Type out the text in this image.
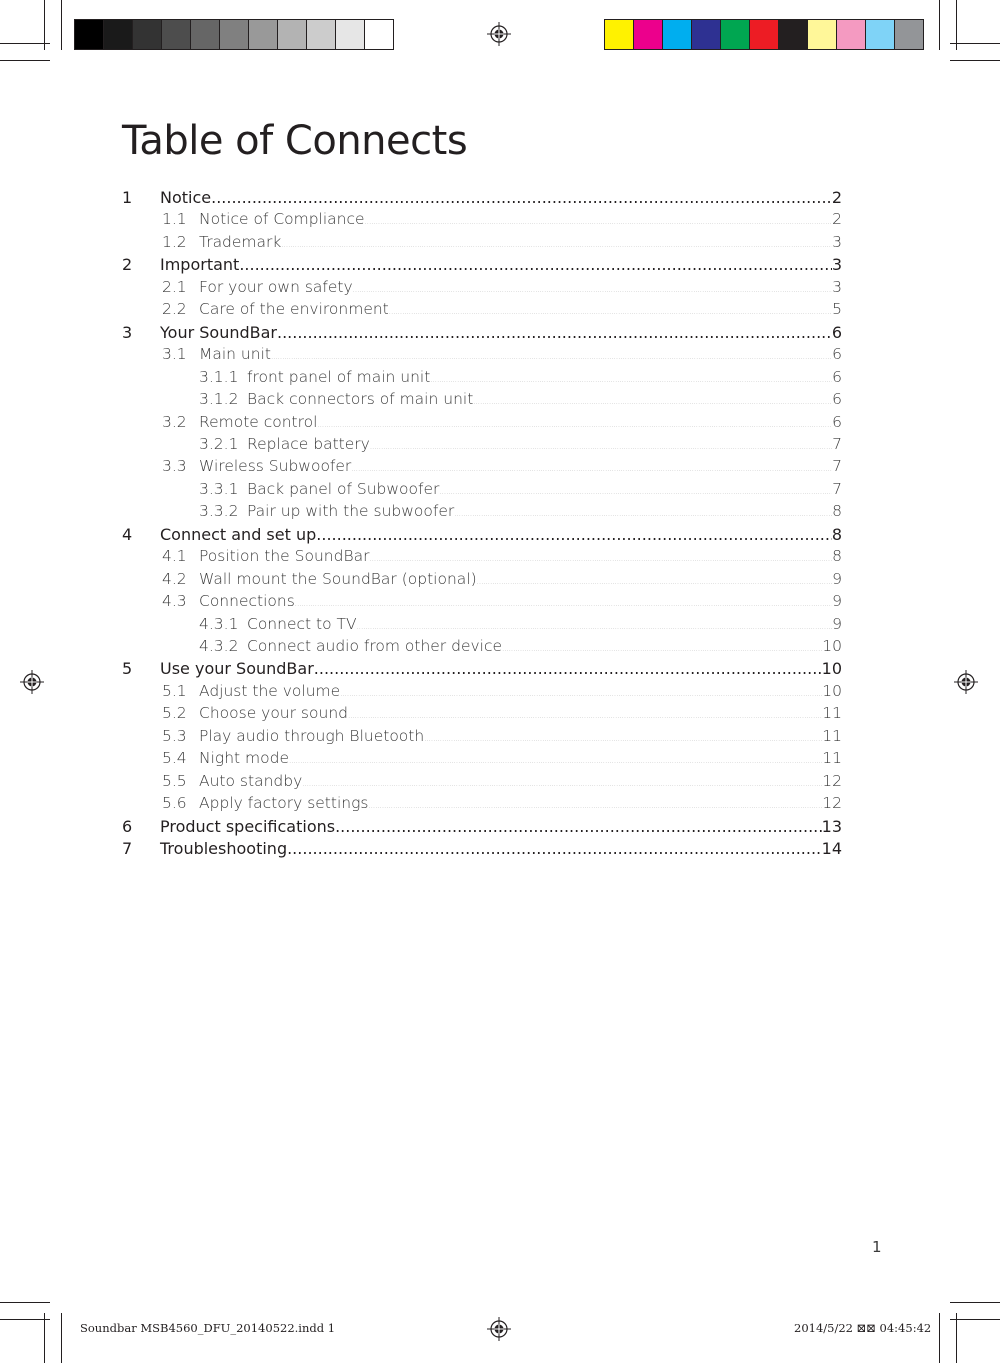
Table of Connects
1 Notice .....	2
1.1 Notice of Compliance .....	2
1.2 Trademark .....	3
2 Important .....	3
2.1 For your own safety .....	3
2.2 Care of the environment .....	5
3 Your SoundBar .....	6
3.1 Main unit .....	6
3.1.1 front panel of main unit .....	6
3.1.2 Back connectors of main unit .....	6
3.2 Remote control .....	6
3.2.1 Replace battery .....	7
3.3 Wireless Subwoofer .....	7
3.3.1 Back panel of Subwoofer .....	7
3.3.2 Pair up with the subwoofer .....	8
4 Connect and set up .....	8
4.1 Position the SoundBar .....	8
4.2 Wall mount the SoundBar (optional) .....	9
4.3 Connections .....	9
4.3.1 Connect to TV .....	9
4.3.2 Connect audio from other device .....	10
5 Use your SoundBar .....	10
5.1 Adjust the volume .....	10
5.2 Choose your sound .....	11
5.3 Play audio through Bluetooth .....	11
5.4 Night mode .....	11
5.5 Auto standby .....	12
5.6 Apply factory settings .....	12
6 Product specifications .....	13
7 Troubleshooting .....	14
1
Soundbar MSB4560_DFU_20140522.indd 1	2014/5/22 ⊠⊠ 04:45:42
